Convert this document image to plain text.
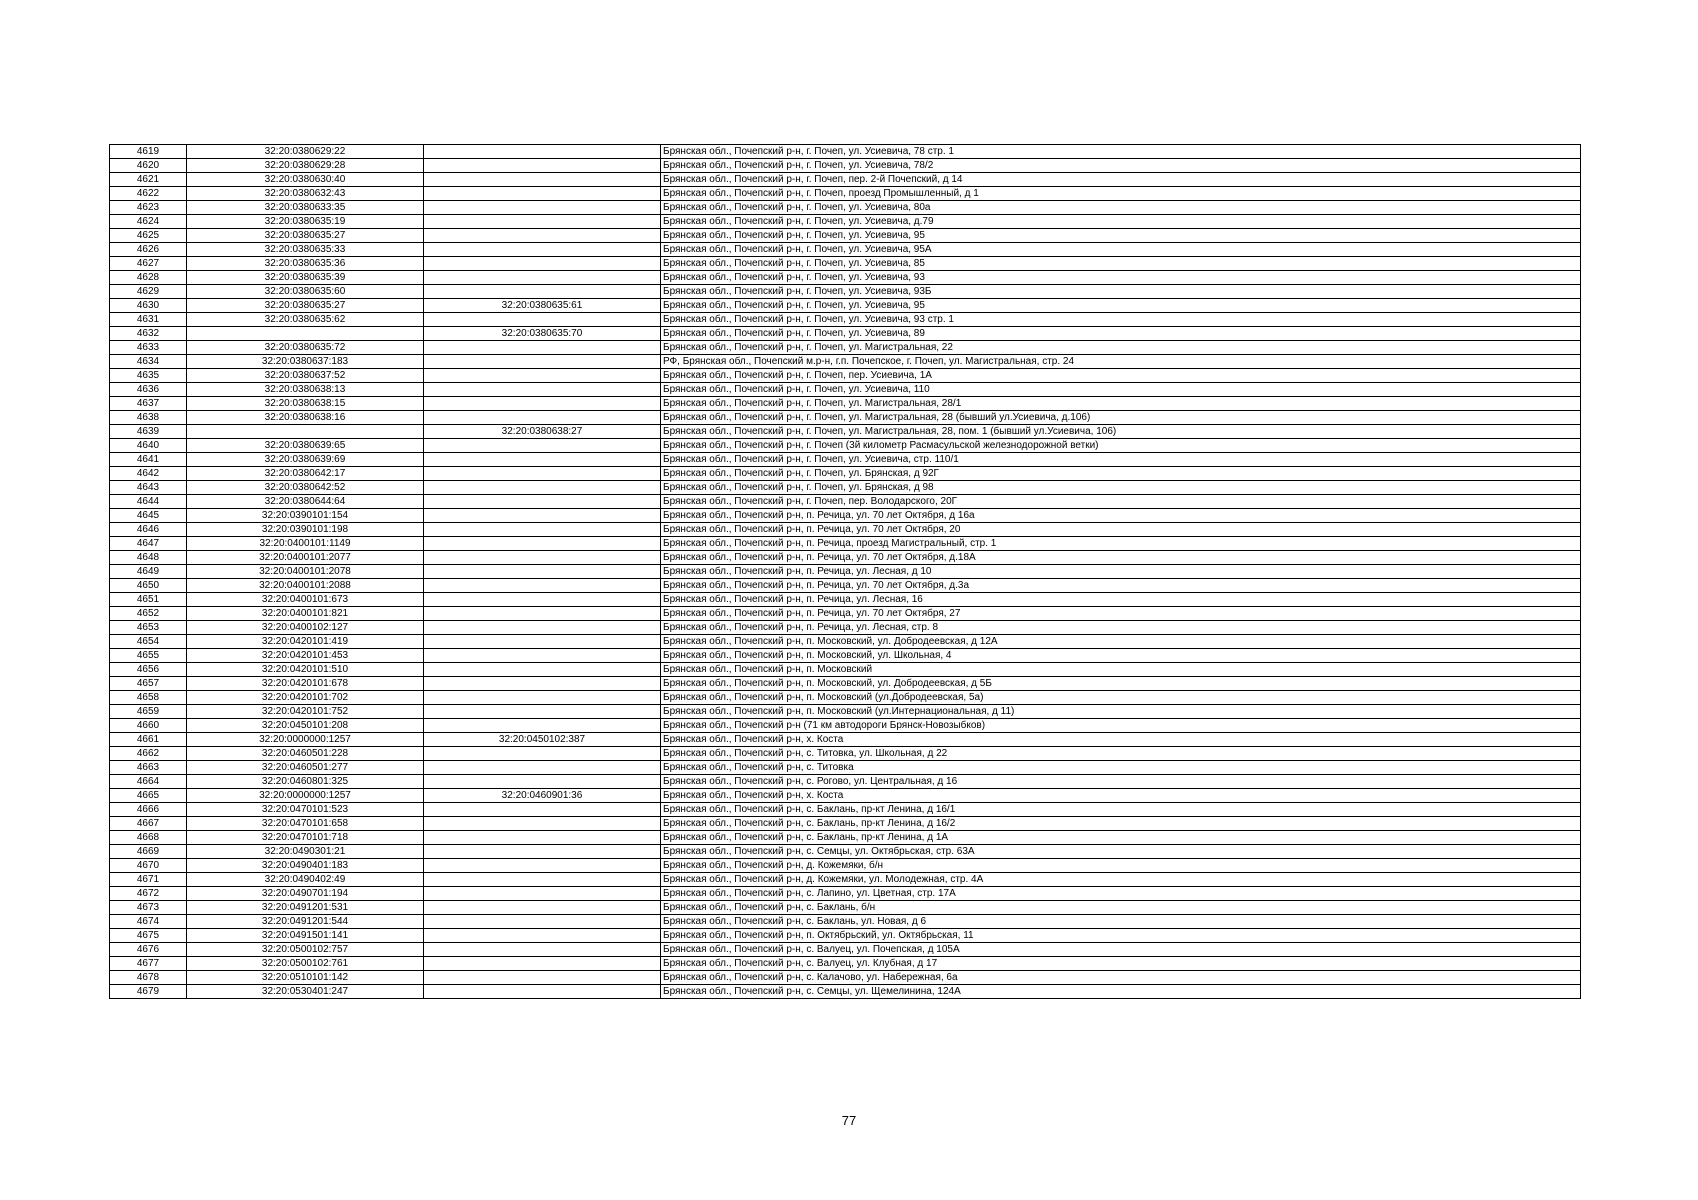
4619	32:20:0380629:22		Брянская обл., Почепский р-н, г. Почеп, ул. Усиевича, 78 стр. 1
4620	32:20:0380629:28		Брянская обл., Почепский р-н, г. Почеп, ул. Усиевича, 78/2
4621	32:20:0380630:40		Брянская обл., Почепский р-н, г. Почеп, пер. 2-й Почепский, д 14
4622	32:20:0380632:43		Брянская обл., Почепский р-н, г. Почеп, проезд Промышленный, д 1
4623	32:20:0380633:35		Брянская обл., Почепский р-н, г. Почеп, ул. Усиевича, 80а
4624	32:20:0380635:19		Брянская обл., Почепский р-н, г. Почеп, ул. Усиевича, д.79
4625	32:20:0380635:27		Брянская обл., Почепский р-н, г. Почеп, ул. Усиевича, 95
4626	32:20:0380635:33		Брянская обл., Почепский р-н, г. Почеп, ул. Усиевича, 95А
4627	32:20:0380635:36		Брянская обл., Почепский р-н, г. Почеп, ул. Усиевича, 85
4628	32:20:0380635:39		Брянская обл., Почепский р-н, г. Почеп, ул. Усиевича, 93
4629	32:20:0380635:60		Брянская обл., Почепский р-н, г. Почеп, ул. Усиевича, 93Б
4630	32:20:0380635:27	32:20:0380635:61	Брянская обл., Почепский р-н, г. Почеп, ул. Усиевича, 95
4631	32:20:0380635:62		Брянская обл., Почепский р-н, г. Почеп, ул. Усиевича, 93 стр. 1
4632		32:20:0380635:70	Брянская обл., Почепский р-н, г. Почеп, ул. Усиевича, 89
4633	32:20:0380635:72		Брянская обл., Почепский р-н, г. Почеп, ул. Магистральная, 22
4634	32:20:0380637:183		РФ, Брянская обл., Почепский м.р-н, г.п. Почепское, г. Почеп, ул. Магистральная, стр. 24
4635	32:20:0380637:52		Брянская обл., Почепский р-н, г. Почеп, пер. Усиевича, 1А
4636	32:20:0380638:13		Брянская обл., Почепский р-н, г. Почеп, ул. Усиевича, 110
4637	32:20:0380638:15		Брянская обл., Почепский р-н, г. Почеп, ул. Магистральная, 28/1
4638	32:20:0380638:16		Брянская обл., Почепский р-н, г. Почеп, ул. Магистральная, 28 (бывший ул.Усиевича, д.106)
4639		32:20:0380638:27	Брянская обл., Почепский р-н, г. Почеп, ул. Магистральная, 28, пом. 1 (бывший ул.Усиевича, 106)
4640	32:20:0380639:65		Брянская обл., Почепский р-н, г. Почеп (3й километр Расмасульской железнодорожной ветки)
4641	32:20:0380639:69		Брянская обл., Почепский р-н, г. Почеп, ул. Усиевича, стр. 110/1
4642	32:20:0380642:17		Брянская обл., Почепский р-н, г. Почеп, ул. Брянская, д 92Г
4643	32:20:0380642:52		Брянская обл., Почепский р-н, г. Почеп, ул. Брянская, д 98
4644	32:20:0380644:64		Брянская обл., Почепский р-н, г. Почеп, пер. Володарского, 20Г
4645	32:20:0390101:154		Брянская обл., Почепский р-н, п. Речица, ул. 70 лет Октября, д 16а
4646	32:20:0390101:198		Брянская обл., Почепский р-н, п. Речица, ул. 70 лет Октября, 20
4647	32:20:0400101:1149		Брянская обл., Почепский р-н, п. Речица, проезд Магистральный, стр. 1
4648	32:20:0400101:2077		Брянская обл., Почепский р-н, п. Речица, ул. 70 лет Октября, д.18А
4649	32:20:0400101:2078		Брянская обл., Почепский р-н, п. Речица, ул. Лесная, д 10
4650	32:20:0400101:2088		Брянская обл., Почепский р-н, п. Речица, ул. 70 лет Октября, д.3а
4651	32:20:0400101:673		Брянская обл., Почепский р-н, п. Речица, ул. Лесная, 16
4652	32:20:0400101:821		Брянская обл., Почепский р-н, п. Речица, ул. 70 лет Октября, 27
4653	32:20:0400102:127		Брянская обл., Почепский р-н, п. Речица, ул. Лесная, стр. 8
4654	32:20:0420101:419		Брянская обл., Почепский р-н, п. Московский, ул. Добродеевская, д 12А
4655	32:20:0420101:453		Брянская обл., Почепский р-н, п. Московский, ул. Школьная, 4
4656	32:20:0420101:510		Брянская обл., Почепский р-н, п. Московский
4657	32:20:0420101:678		Брянская обл., Почепский р-н, п. Московский, ул. Добродеевская, д 5Б
4658	32:20:0420101:702		Брянская обл., Почепский р-н, п. Московский (ул.Добродеевская, 5а)
4659	32:20:0420101:752		Брянская обл., Почепский р-н, п. Московский (ул.Интернациональная, д 11)
4660	32:20:0450101:208		Брянская обл., Почепский р-н (71 км автодороги Брянск-Новозыбков)
4661	32:20:0000000:1257	32:20:0450102:387	Брянская обл., Почепский р-н, х. Коста
4662	32:20:0460501:228		Брянская обл., Почепский р-н, с. Титовка, ул. Школьная, д 22
4663	32:20:0460501:277		Брянская обл., Почепский р-н, с. Титовка
4664	32:20:0460801:325		Брянская обл., Почепский р-н, с. Рогово, ул. Центральная, д 16
4665	32:20:0000000:1257	32:20:0460901:36	Брянская обл., Почепский р-н, х. Коста
4666	32:20:0470101:523		Брянская обл., Почепский р-н, с. Баклань, пр-кт Ленина, д 16/1
4667	32:20:0470101:658		Брянская обл., Почепский р-н, с. Баклань, пр-кт Ленина, д 16/2
4668	32:20:0470101:718		Брянская обл., Почепский р-н, с. Баклань, пр-кт Ленина, д 1А
4669	32:20:0490301:21		Брянская обл., Почепский р-н, с. Семцы, ул. Октябрьская, стр. 63А
4670	32:20:0490401:183		Брянская обл., Почепский р-н, д. Кожемяки, б/н
4671	32:20:0490402:49		Брянская обл., Почепский р-н, д. Кожемяки, ул. Молодежная, стр. 4А
4672	32:20:0490701:194		Брянская обл., Почепский р-н, с. Лапино, ул. Цветная, стр. 17А
4673	32:20:0491201:531		Брянская обл., Почепский р-н, с. Баклань, б/н
4674	32:20:0491201:544		Брянская обл., Почепский р-н, с. Баклань, ул. Новая, д 6
4675	32:20:0491501:141		Брянская обл., Почепский р-н, п. Октябрьский, ул. Октябрьская, 11
4676	32:20:0500102:757		Брянская обл., Почепский р-н, с. Валуец, ул. Почепская, д 105А
4677	32:20:0500102:761		Брянская обл., Почепский р-н, с. Валуец, ул. Клубная, д 17
4678	32:20:0510101:142		Брянская обл., Почепский р-н, с. Калачово, ул. Набережная, 6а
4679	32:20:0530401:247		Брянская обл., Почепский р-н, с. Семцы, ул. Щемелинина, 124А
77
